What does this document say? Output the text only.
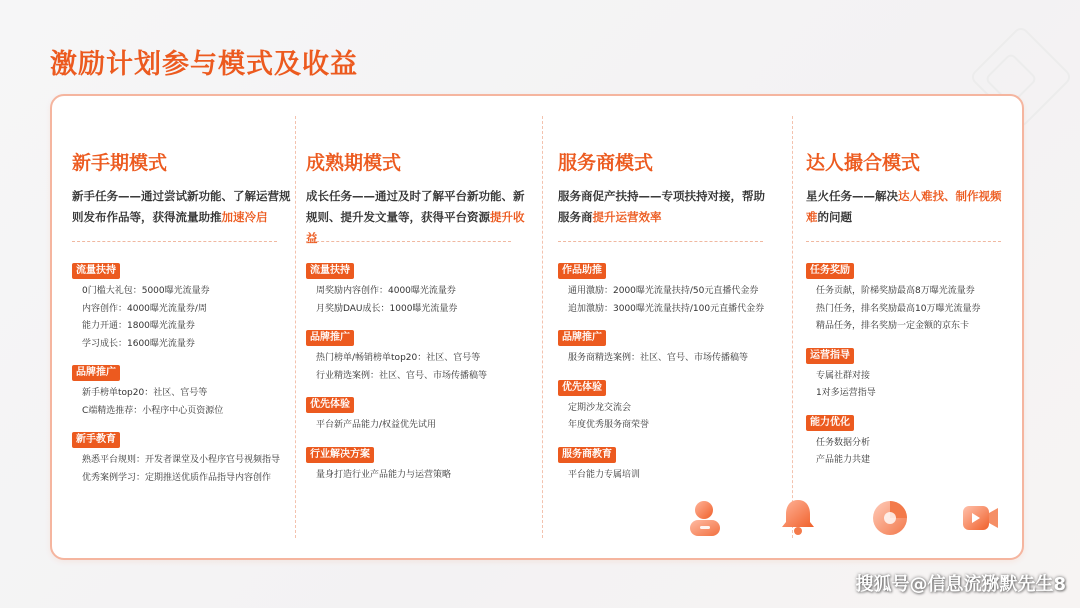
激励计划参与模式及收益
新手期模式
新手任务——通过尝试新功能、了解运营规则发布作品等，获得流量助推加速冷启
流量扶持
0门槛大礼包：5000曝光流量券
内容创作：4000曝光流量券/周
能力开通：1800曝光流量券
学习成长：1600曝光流量券
品牌推广
新手榜单top20：社区、官号等
C端精选推荐：小程序中心页资源位
新手教育
熟悉平台规则：开发者课堂及小程序官号视频指导
优秀案例学习：定期推送优质作品指导内容创作
成熟期模式
成长任务——通过及时了解平台新功能、新规则、提升发文量等，获得平台资源提升收益
流量扶持
周奖励内容创作：4000曝光流量券
月奖励DAU成长：1000曝光流量券
品牌推广
热门榜单/畅销榜单top20：社区、官号等
行业精选案例：社区、官号、市场传播稿等
优先体验
平台新产品能力/权益优先试用
行业解决方案
量身打造行业产品能力与运营策略
服务商模式
服务商促产扶持——专项扶持对接，帮助服务商提升运营效率
作品助推
通用激励：2000曝光流量扶持/50元直播代金券
追加激励：3000曝光流量扶持/100元直播代金券
品牌推广
服务商精选案例：社区、官号、市场传播稿等
优先体验
定期沙龙交流会
年度优秀服务商荣誉
服务商教育
平台能力专属培训
达人撮合模式
星火任务——解决达人难找、制作视频难的问题
任务奖励
任务贡献，阶梯奖励最高8万曝光流量券
热门任务，排名奖励最高10万曝光流量券
精品任务，排名奖励一定金额的京东卡
运营指导
专属社群对接
1对多运营指导
能力优化
任务数据分析
产品能力共建
搜狐号@信息流猕默先生8
